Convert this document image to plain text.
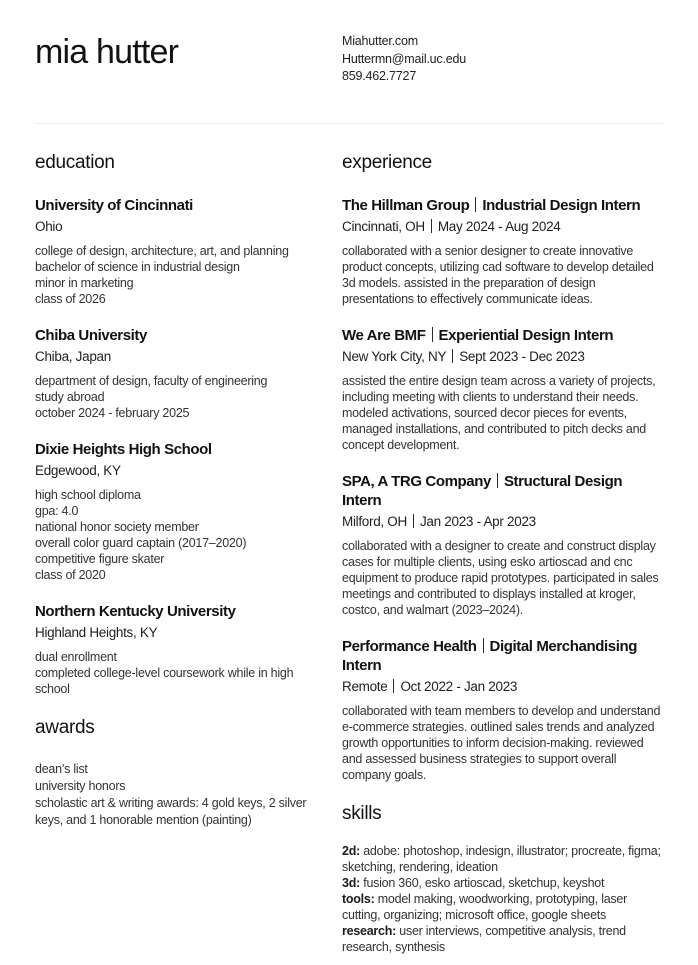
mia hutter	Miahutter.com
Huttermn@mail.uc.edu
859.462.7727
education
University of Cincinnati
Ohio
college of design, architecture, art, and planning
bachelor of science in industrial design
minor in marketing
class of 2026
Chiba University
Chiba, Japan
department of design, faculty of engineering
study abroad
october 2024 - february 2025
Dixie Heights High School
Edgewood, KY
high school diploma
gpa: 4.0
national honor society member
overall color guard captain (2017–2020)
competitive figure skater
class of 2020
Northern Kentucky University
Highland Heights, KY
dual enrollment
completed college-level coursework while in high school
awards
dean’s list
university honors
scholastic art & writing awards: 4 gold keys, 2 silver keys, and 1 honorable mention (painting)
experience
The Hillman Group Industrial Design Intern
Cincinnati, OH May 2024 - Aug 2024
collaborated with a senior designer to create innovative product concepts, utilizing cad software to develop detailed 3d models. assisted in the preparation of design presentations to effectively communicate ideas.
We Are BMF Experiential Design Intern
New York City, NY Sept 2023 - Dec 2023
assisted the entire design team across a variety of projects, including meeting with clients to understand their needs. modeled activations, sourced decor pieces for events, managed installations, and contributed to pitch decks and concept development.
SPA, A TRG Company Structural Design Intern
Milford, OH Jan 2023 - Apr 2023
collaborated with a designer to create and construct display cases for multiple clients, using esko artioscad and cnc equipment to produce rapid prototypes. participated in sales meetings and contributed to displays installed at kroger, costco, and walmart (2023–2024).
Performance Health Digital Merchandising Intern
Remote Oct 2022 - Jan 2023
collaborated with team members to develop and understand e-commerce strategies. outlined sales trends and analyzed growth opportunities to inform decision-making. reviewed and assessed business strategies to support overall company goals.
skills
2d: adobe: photoshop, indesign, illustrator; procreate, figma; sketching, rendering, ideation
3d: fusion 360, esko artioscad, sketchup, keyshot
tools: model making, woodworking, prototyping, laser cutting, organizing; microsoft office, google sheets
research: user interviews, competitive analysis, trend research, synthesis
